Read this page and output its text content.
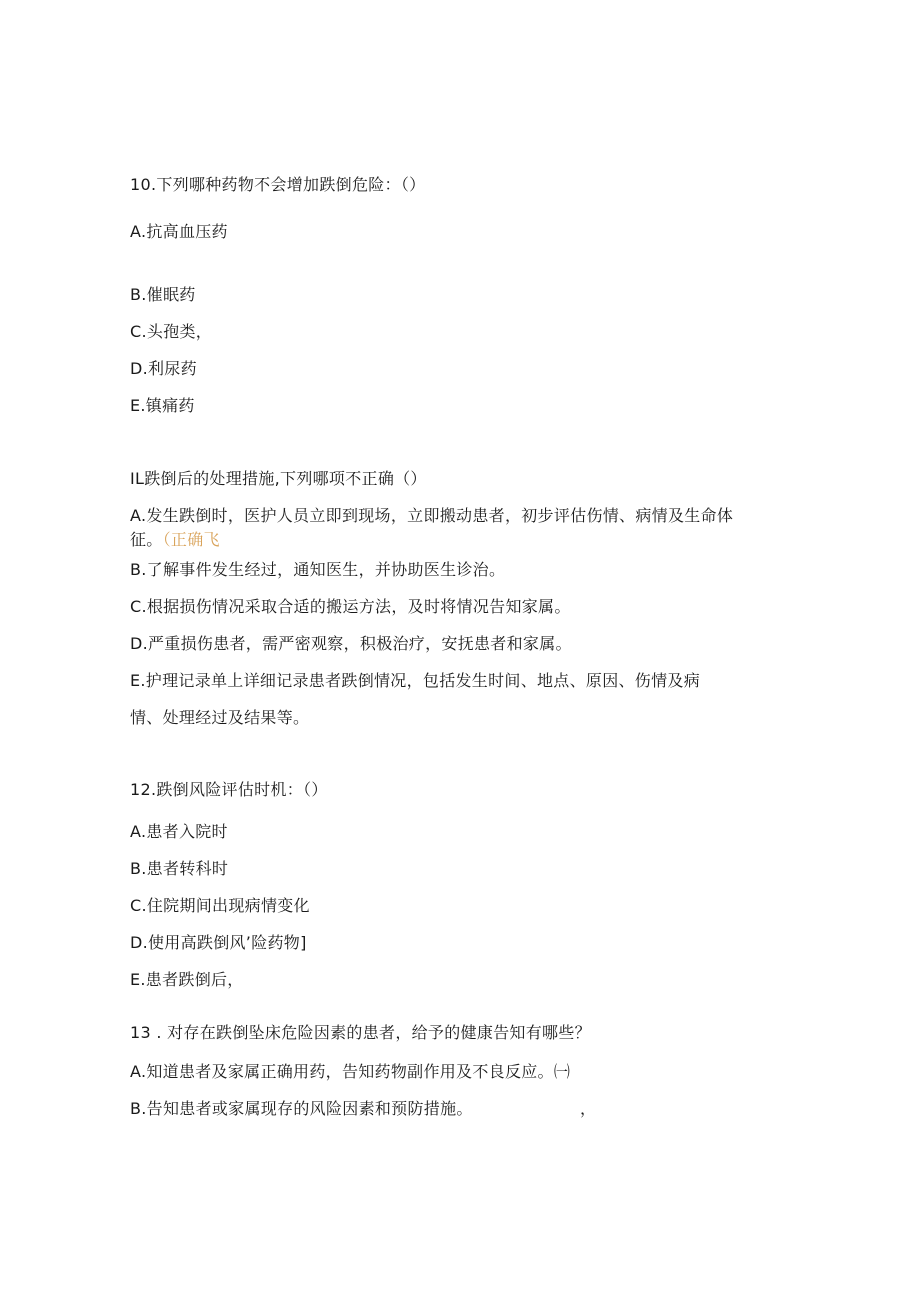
10.下列哪种药物不会增加跌倒危险：（）
A.抗高血压药
B.催眠药
C.头孢类，
D.利尿药
E.镇痛药
IL跌倒后的处理措施,下列哪项不正确（）
A.发生跌倒时，医护人员立即到现场，立即搬动患者，初步评估伤情、病情及生命体
征。（正确飞
B.了解事件发生经过，通知医生，并协助医生诊治。
C.根据损伤情况采取合适的搬运方法，及时将情况告知家属。
D.严重损伤患者，需严密观察，积极治疗，安抚患者和家属。
E.护理记录单上详细记录患者跌倒情况，包括发生时间、地点、原因、伤情及病
情、处理经过及结果等。
12.跌倒风险评估时机：（）
A.患者入院时
B.患者转科时
C.住院期间出现病情变化
D.使用高跌倒风’险药物]
E.患者跌倒后，
13 . 对存在跌倒坠床危险因素的患者，给予的健康告知有哪些？
A.知道患者及家属正确用药，告知药物副作用及不良反应。㈠
B.告知患者或家属现存的风险因素和预防措施。	，
